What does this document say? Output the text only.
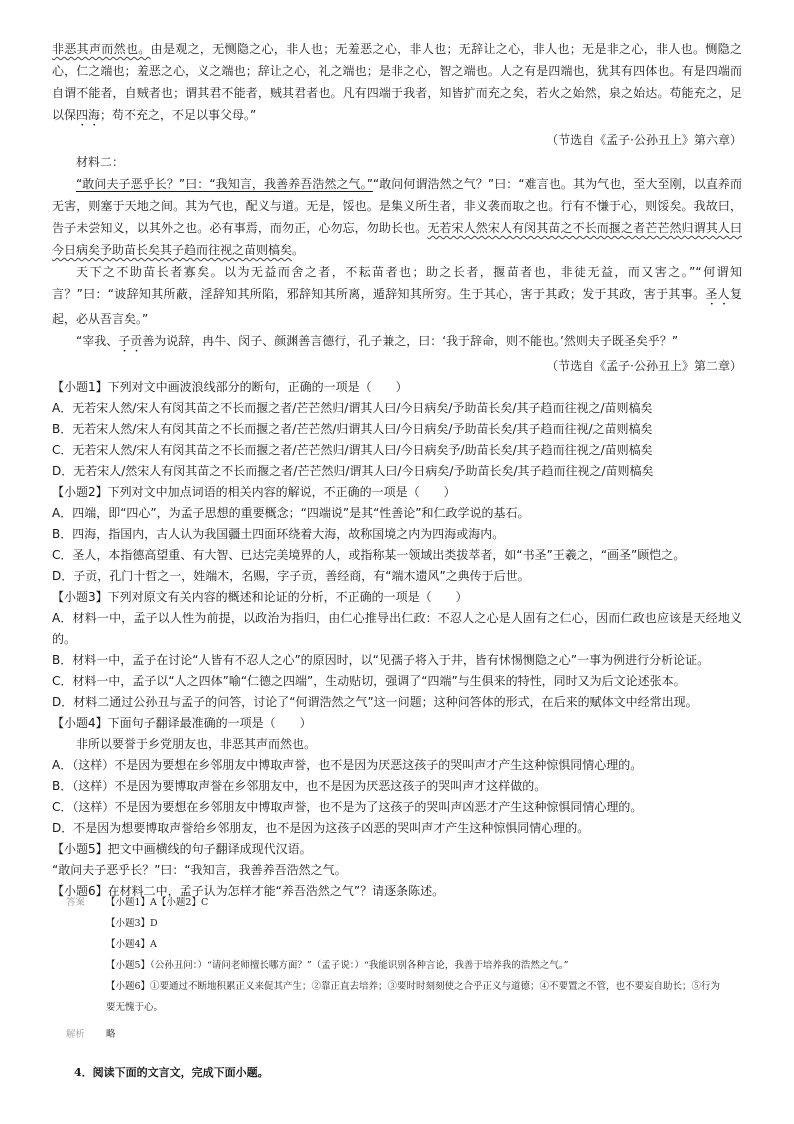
非恶其声而然也。由是观之，无恻隐之心，非人也；无羞恶之心，非人也；无辞让之心，非人也；无是非之心，非人也。恻隐之心，仁之端也；羞恶之心，义之端也；辞让之心，礼之端也；是非之心，智之端也。人之有是四端也，犹其有四体也。有是四端而自谓不能者，自贼者也；谓其君不能者，贼其君者也。凡有四端于我者，知皆扩而充之矣，若火之始然，泉之始达。苟能充之，足以保四海；苟不充之，不足以事父母。”

（节选自《孟子·公孙丑上》第六章）

材料二：

“敢问夫子恶乎长？”曰：“我知言，我善养吾浩然之气。”“敢问何谓浩然之气？”曰：“难言也。其为气也，至大至刚，以直养而无害，则塞于天地之间。其为气也，配义与道。无是，馁也。是集义所生者，非义袭而取之也。行有不慊于心，则馁矣。我故曰，告子未尝知义，以其外之也。必有事焉，而勿正，心勿忘，勿助长也。无若宋人然宋人有闵其苗之不长而揠之者芒芒然归谓其人曰今日病矣予助苗长矣其子趋而往视之苗则槁矣。

天下之不助苗长者寡矣。以为无益而舍之者，不耘苗者也；助之长者，揠苗者也，非徒无益，而又害之。”“何谓知言？”曰：“诐辞知其所蔽，淫辞知其所陷，邪辞知其所离，遁辞知其所穷。生于其心，害于其政；发于其政，害于其事。圣人复起，必从吾言矣。”

“宰我、子贡善为说辞，冉牛、闵子、颜渊善言德行，孔子兼之，曰：‘我于辞命，则不能也。’然则夫子既圣矣乎？”

（节选自《孟子·公孙丑上》第二章）

【小题1】下列对文中画波浪线部分的断句，正确的一项是（　　）

A．无若宋人然/宋人有闵其苗之不长而揠之者/芒芒然归/谓其人曰/今日病矣/予助苗长矣/其子趋而往视之/苗则槁矣

B．无若宋人然/宋人有闵其苗之不长而揠之者/芒芒然/归谓其人曰/今日病矣/予助苗长矣/其子趋而往视/之苗则槁矣

C．无若宋人然/宋人有闵其苗之不长而揠之者/芒芒然归/谓其人曰/今日病矣予/助苗长矣/其子趋而往视之/苗则槁矣

D．无若宋人/然宋人有闵其苗之不长而揠之者/芒芒然归/谓其人曰/今日病矣/予助苗长矣/其子趋而往视之/苗则槁矣

【小题2】下列对文中加点词语的相关内容的解说，不正确的一项是（　　）

A．四端，即“四心”，为孟子思想的重要概念；“四端说”是其“性善论”和仁政学说的基石。

B．四海，指国内，古人认为我国疆土四面环绕着大海，故称国境之内为四海或海内。

C．圣人，本指德高望重、有大智、已达完美境界的人，或指称某一领域出类拔萃者，如“书圣”王羲之，“画圣”顾恺之。

D．子贡，孔门十哲之一，姓端木，名赐，字子贡，善经商，有“端木遗风”之典传于后世。

【小题3】下列对原文有关内容的概述和论证的分析，不正确的一项是（　　）

A．材料一中，孟子以人性为前提，以政治为指归，由仁心推导出仁政：不忍人之心是人固有之仁心，因而仁政也应该是天经地义的。

B．材料一中，孟子在讨论“人皆有不忍人之心”的原因时，以“见孺子将入于井，皆有怵惕恻隐之心”一事为例进行分析论证。

C．材料一中，孟子以“人之四体”喻“仁德之四端”，生动贴切，强调了“四端”与生俱来的特性，同时又为后文论述张本。

D．材料二通过公孙丑与孟子的问答，讨论了“何谓浩然之气”这一问题；这种问答体的形式，在后来的赋体文中经常出现。

【小题4】下面句子翻译最准确的一项是（　　）

非所以要誉于乡党朋友也，非恶其声而然也。

A．（这样）不是因为要想在乡邻朋友中博取声誉，也不是因为厌恶这孩子的哭叫声才产生这种惊惧同情心理的。

B．（这样）不是因为要博取声誉在乡邻朋友中，也不是因为厌恶这孩子的哭叫声才这样做的。

C．（这样）不是因为要想在乡邻朋友中博取声誉，也不是为了这孩子的哭叫声凶恶才产生这种惊惧同情心理的。

D．不是因为想要博取声誉给乡邻朋友，也不是因为这孩子凶恶的哭叫声才产生这种惊惧同情心理的。

【小题5】把文中画横线的句子翻译成现代汉语。

“敢问夫子恶乎长？”曰：“我知言，我善养吾浩然之气。

【小题6】在材料二中，孟子认为怎样才能“养吾浩然之气”？请逐条陈述。

答案	【小题1】A【小题2】C

【小题3】D

【小题4】A

【小题5】（公孙丑问：）“请问老师擅长哪方面？”（孟子说：）“我能识别各种言论，我善于培养我的浩然之气。”

【小题6】①要通过不断地积累正义来促其产生；②靠正直去培养；③要时时刻刻使之合乎正义与道德；④不要置之不管，也不要妄自助长；⑤行为要无愧于心。

解析	略

4．阅读下面的文言文，完成下面小题。
